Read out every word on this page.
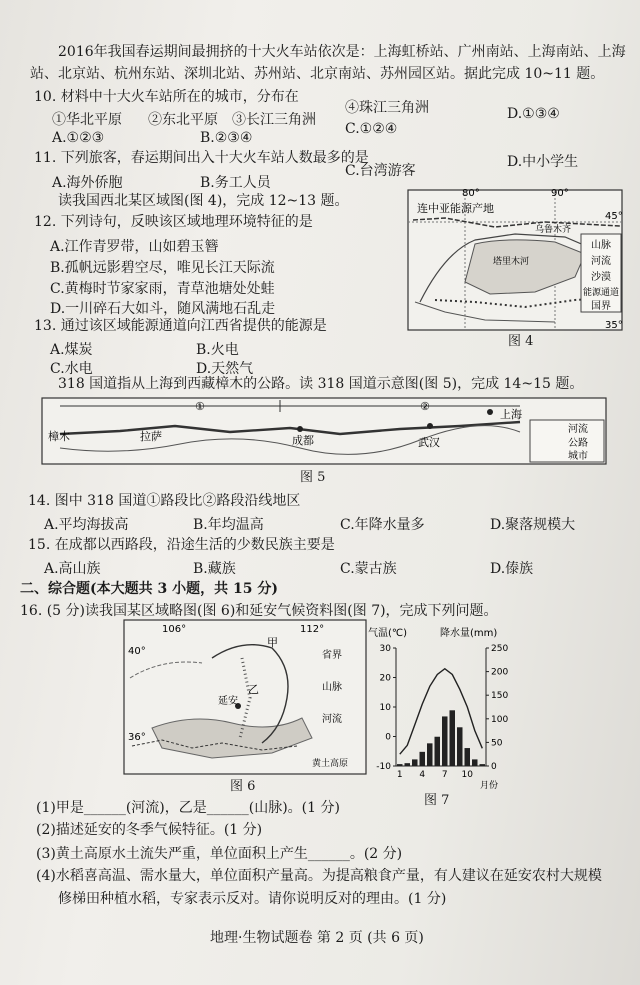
2016年我国春运期间最拥挤的十大火车站依次是：上海虹桥站、广州南站、上海南站、上海
站、北京站、杭州东站、深圳北站、苏州站、北京南站、苏州园区站。据此完成 10~11 题。
10. 材料中十大火车站所在的城市，分布在
①华北平原 ②东北平原 ③长江三角洲
④珠江三角洲
A.①②③	B.②③④
C.①②④
D.①③④
11. 下列旅客，春运期间出入十大火车站人数最多的是
A.海外侨胞	B.务工人员
C.台湾游客
D.中小学生
读我国西北某区域图(图 4)，完成 12~13 题。
12. 下列诗句，反映该区域地理环境特征的是
A.江作青罗带，山如碧玉簪
B.孤帆远影碧空尽，唯见长江天际流
C.黄梅时节家家雨，青草池塘处处蛙
D.一川碎石大如斗，随风满地石乱走
13. 通过该区域能源通道向江西省提供的能源是
A.煤炭	B.火电
C.水电	D.天然气
连中亚能源产地
80°	90°
45°
35°
乌鲁木齐
塔里木河
山脉
河流
沙漠
能源通道
国界
图 4
318 国道指从上海到西藏樟木的公路。读 318 国道示意图(图 5)，完成 14~15 题。
①	②
樟木	拉萨	成都	武汉
上海
河流
公路
城市
图 5
14. 图中 318 国道①路段比②路段沿线地区
A.平均海拔高	B.年均温高	C.年降水量多	D.聚落规模大
15. 在成都以西路段，沿途生活的少数民族主要是
A.高山族	B.藏族	C.蒙古族	D.傣族
二、综合题(本大题共 3 小题，共 15 分)
16. (5 分)读我国某区域略图(图 6)和延安气候资料图(图 7)，完成下列问题。
106°	112°
40°
36°
甲
乙
延安
省界
山脉
河流
黄土高原
图 6
气温(℃)	降水量(mm)
30
20
10
0
-10
250
200
150
100
50
0
1 4 7 10
月份
图 7
(1)甲是______(河流)，乙是______(山脉)。(1 分)
(2)描述延安的冬季气候特征。(1 分)
(3)黄土高原水土流失严重，单位面积上产生______。(2 分)
(4)水稻喜高温、需水量大，单位面积产量高。为提高粮食产量，有人建议在延安农村大规模
修梯田种植水稻，专家表示反对。请你说明反对的理由。(1 分)
地理·生物试题卷 第 2 页 (共 6 页)
